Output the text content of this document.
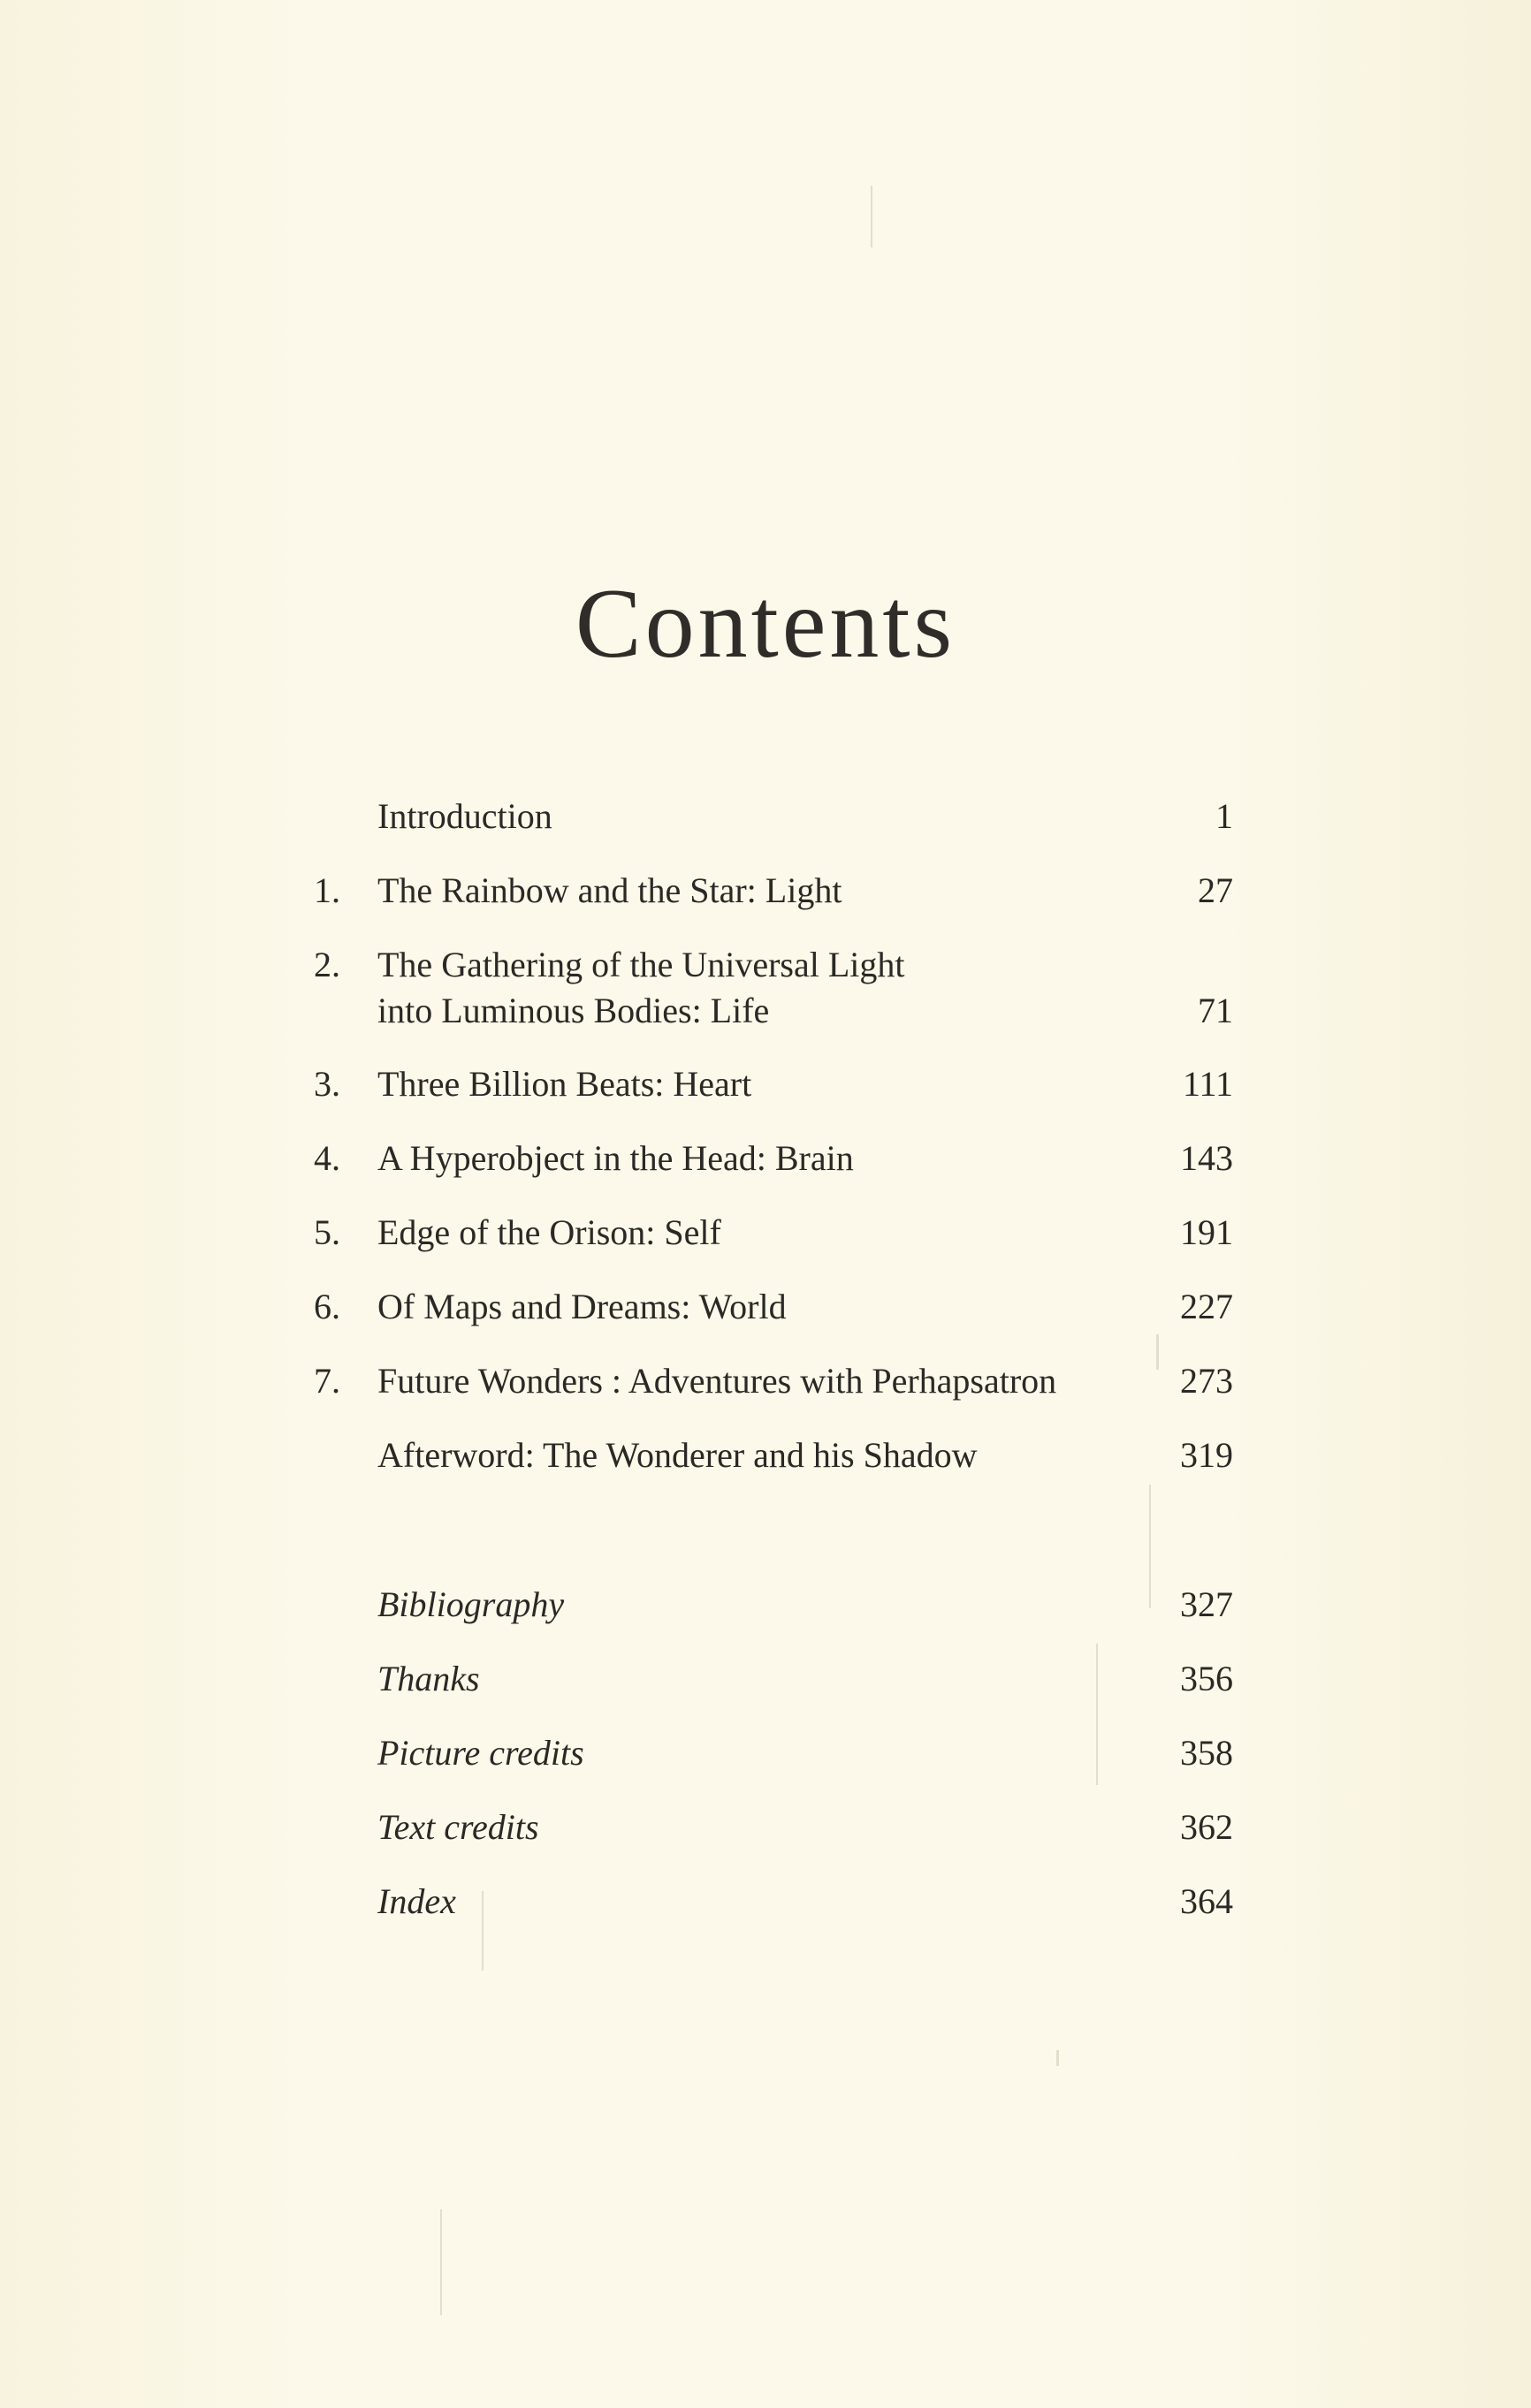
Contents
Introduction	1
1.	The Rainbow and the Star: Light	27
2.	The Gathering of the Universal Light
into Luminous Bodies: Life	71
3.	Three Billion Beats: Heart	111
4.	A Hyperobject in the Head: Brain	143
5.	Edge of the Orison: Self	191
6.	Of Maps and Dreams: World	227
7.	Future Wonders : Adventures with Perhapsatron	273
Afterword: The Wonderer and his Shadow	319
Bibliography	327
Thanks	356
Picture credits	358
Text credits	362
Index	364
